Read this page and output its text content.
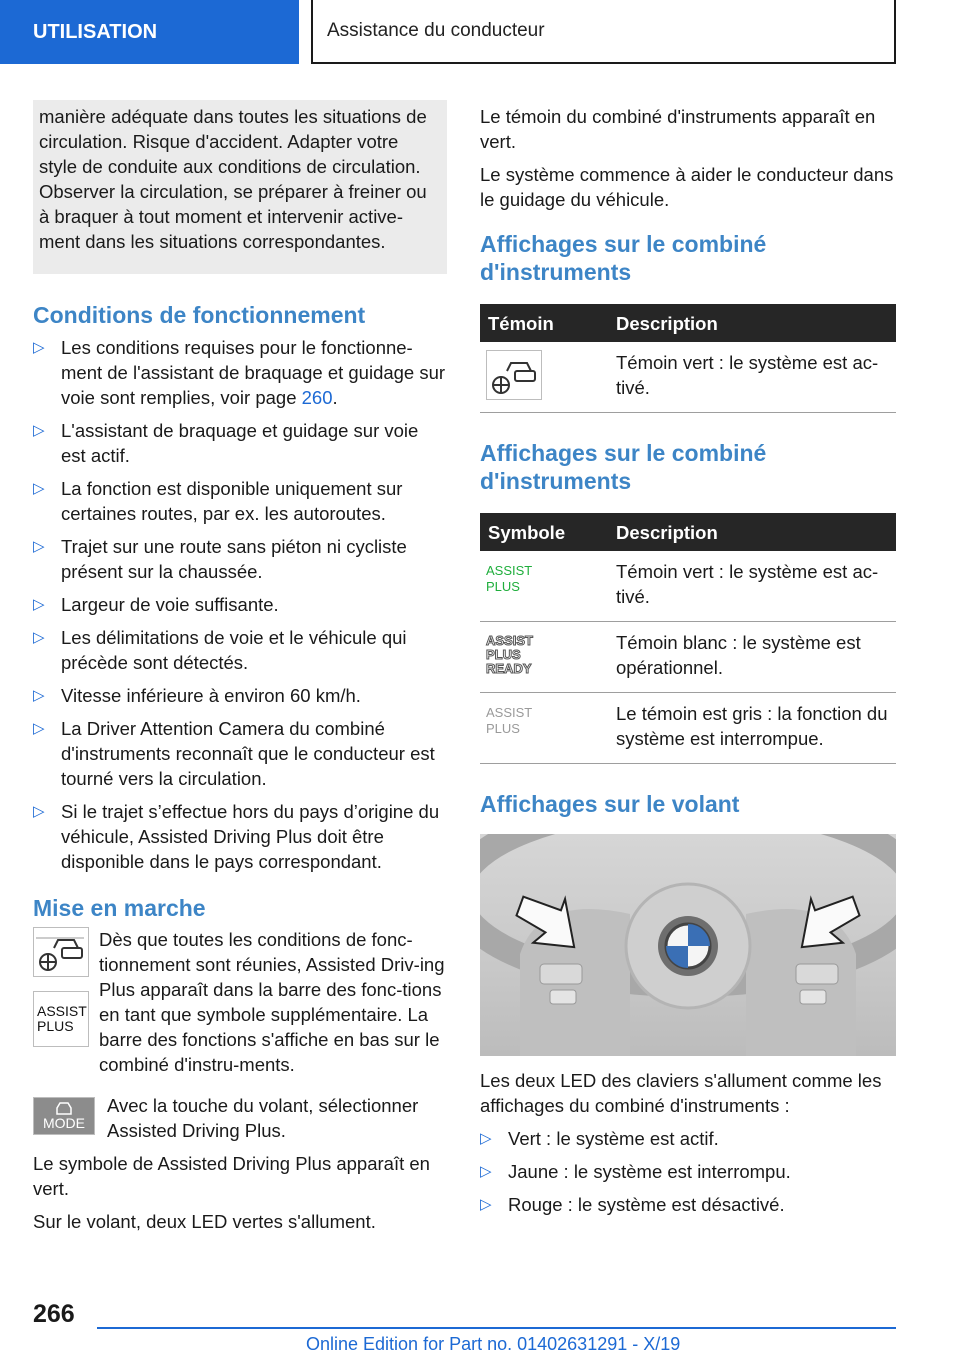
UTILISATION	Assistance du conducteur
manière adéquate dans toutes les situations de circulation. Risque d'accident. Adapter votre style de conduite aux conditions de circulation. Observer la circulation, se préparer à freiner ou à braquer à tout moment et intervenir active-ment dans les situations correspondantes.
Conditions de fonctionnement
▷ Les conditions requises pour le fonctionne-ment de l'assistant de braquage et guidage sur voie sont remplies, voir page 260.
▷ L'assistant de braquage et guidage sur voie est actif.
▷ La fonction est disponible uniquement sur certaines routes, par ex. les autoroutes.
▷ Trajet sur une route sans piéton ni cycliste présent sur la chaussée.
▷ Largeur de voie suffisante.
▷ Les délimitations de voie et le véhicule qui précède sont détectés.
▷ Vitesse inférieure à environ 60 km/h.
▷ La Driver Attention Camera du combiné d'instruments reconnaît que le conducteur est tourné vers la circulation.
▷ Si le trajet s’effectue hors du pays d’origine du véhicule, Assisted Driving Plus doit être disponible dans le pays correspondant.
Mise en marche
ASSIST
PLUS
Dès que toutes les conditions de fonc-tionnement sont réunies, Assisted Driv-ing Plus apparaît dans la barre des fonc-tions en tant que symbole supplémentaire. La barre des fonctions s'affiche en bas sur le combiné d'instru-ments.
MODE
Avec la touche du volant, sélectionner Assisted Driving Plus.

Le symbole de Assisted Driving Plus apparaît en vert.

Sur le volant, deux LED vertes s'allument.

Le témoin du combiné d'instruments apparaît en vert.

Le système commence à aider le conducteur dans le guidage du véhicule.

Affichages sur le combiné d'instruments
Témoin	Description

	Témoin vert : le système est ac-tivé.
Affichages sur le combiné d'instruments
Symbole	Description

ASSIST
PLUS	Témoin vert : le système est ac-tivé.

ASSIST
PLUS
READY	Témoin blanc : le système est opérationnel.

ASSIST
PLUS	Le témoin est gris : la fonction du système est interrompue.
Affichages sur le volant

Les deux LED des claviers s'allument comme les affichages du combiné d'instruments :

▷ Vert : le système est actif.
▷ Jaune : le système est interrompu.
▷ Rouge : le système est désactivé.
266
Online Edition for Part no. 01402631291 - X/19
